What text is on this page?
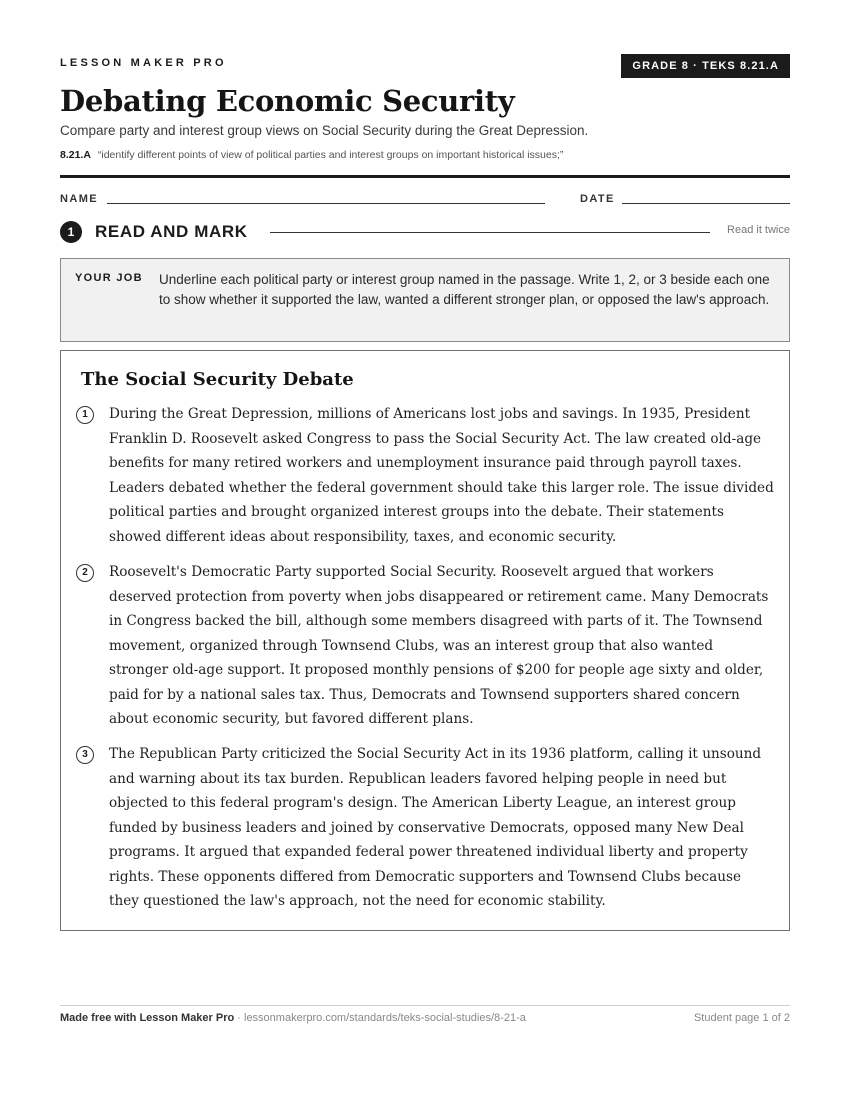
LESSON MAKER PRO	GRADE 8 · TEKS 8.21.A
Debating Economic Security
Compare party and interest group views on Social Security during the Great Depression.
8.21.A “identify different points of view of political parties and interest groups on important historical issues;”
NAME	DATE
1	READ AND MARK	Read it twice
YOUR JOB Underline each political party or interest group named in the passage. Write 1, 2, or 3 beside each one to show whether it supported the law, wanted a different stronger plan, or opposed the law's approach.
The Social Security Debate
1	During the Great Depression, millions of Americans lost jobs and savings. In 1935, President Franklin D. Roosevelt asked Congress to pass the Social Security Act. The law created old-age benefits for many retired workers and unemployment insurance paid through payroll taxes. Leaders debated whether the federal government should take this larger role. The issue divided political parties and brought organized interest groups into the debate. Their statements showed different ideas about responsibility, taxes, and economic security.

2	Roosevelt's Democratic Party supported Social Security. Roosevelt argued that workers deserved protection from poverty when jobs disappeared or retirement came. Many Democrats in Congress backed the bill, although some members disagreed with parts of it. The Townsend movement, organized through Townsend Clubs, was an interest group that also wanted stronger old-age support. It proposed monthly pensions of $200 for people age sixty and older, paid for by a national sales tax. Thus, Democrats and Townsend supporters shared concern about economic security, but favored different plans.

3	The Republican Party criticized the Social Security Act in its 1936 platform, calling it unsound and warning about its tax burden. Republican leaders favored helping people in need but objected to this federal program's design. The American Liberty League, an interest group funded by business leaders and joined by conservative Democrats, opposed many New Deal programs. It argued that expanded federal power threatened individual liberty and property rights. These opponents differed from Democratic supporters and Townsend Clubs because they questioned the law's approach, not the need for economic stability.

Made free with Lesson Maker Pro · lessonmakerpro.com/standards/teks-social-studies/8-21-a	Student page 1 of 2
